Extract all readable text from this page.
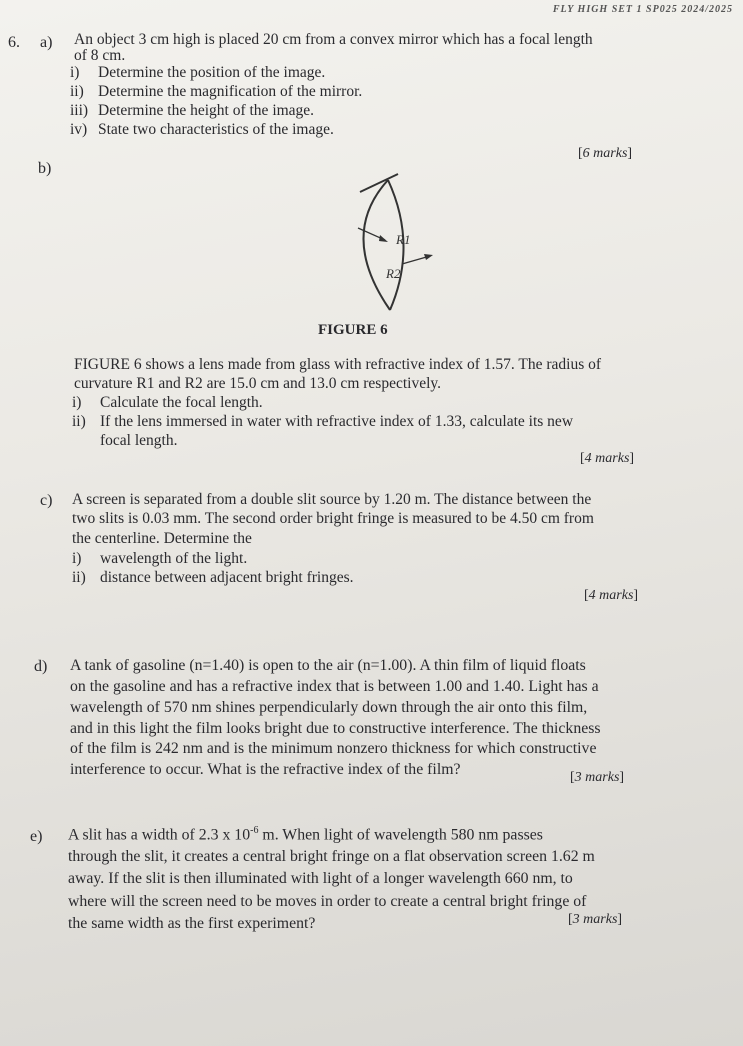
FLY HIGH SET 1 SP025 2024/2025
6. a) An object 3 cm high is placed 20 cm from a convex mirror which has a focal length
of 8 cm.
i) Determine the position of the image.
ii) Determine the magnification of the mirror.
iii) Determine the height of the image.
iv) State two characteristics of the image.
[6 marks]
b)
R1
R2
FIGURE 6
FIGURE 6 shows a lens made from glass with refractive index of 1.57. The radius of
curvature R1 and R2 are 15.0 cm and 13.0 cm respectively.
i) Calculate the focal length.
ii) If the lens immersed in water with refractive index of 1.33, calculate its new
focal length.
[4 marks]
c) A screen is separated from a double slit source by 1.20 m. The distance between the
two slits is 0.03 mm. The second order bright fringe is measured to be 4.50 cm from
the centerline. Determine the
i) wavelength of the light.
ii) distance between adjacent bright fringes.
[4 marks]
d) A tank of gasoline (n=1.40) is open to the air (n=1.00). A thin film of liquid floats
on the gasoline and has a refractive index that is between 1.00 and 1.40. Light has a
wavelength of 570 nm shines perpendicularly down through the air onto this film,
and in this light the film looks bright due to constructive interference. The thickness
of the film is 242 nm and is the minimum nonzero thickness for which constructive
interference to occur. What is the refractive index of the film?	[3 marks]
e) A slit has a width of 2.3 x $10^{-6}$ m. When light of wavelength 580 nm passes
through the slit, it creates a central bright fringe on a flat observation screen 1.62 m
away. If the slit is then illuminated with light of a longer wavelength 660 nm, to
where will the screen need to be moves in order to create a central bright fringe of
the same width as the first experiment?	[3 marks]
